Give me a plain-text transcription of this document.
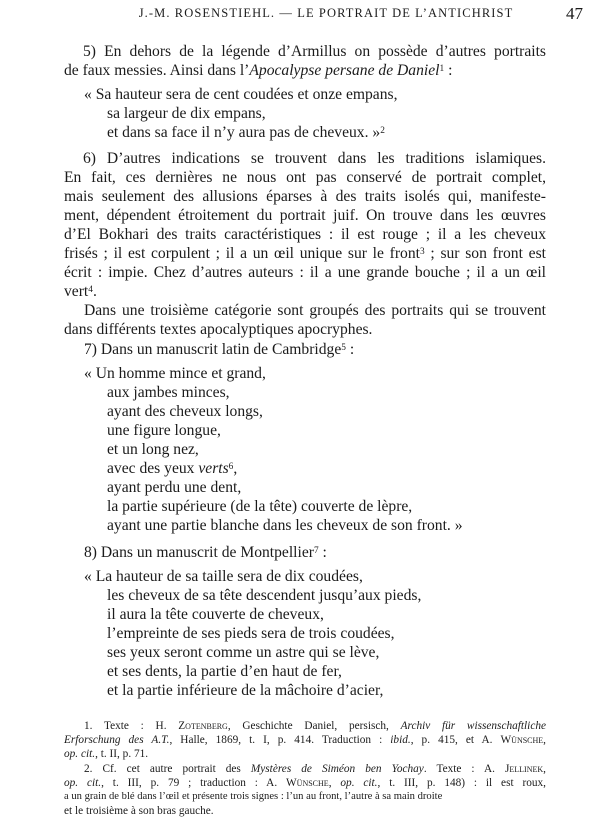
J.-M. ROSENSTIEHL. — LE PORTRAIT DE L’ANTICHRIST	47
5) En dehors de la légende d’Armillus on possède d’autres portraits
de faux messies. Ainsi dans l’Apocalypse persane de Daniel$^1$ :
« Sa hauteur sera de cent coudées et onze empans,
sa largeur de dix empans,
et dans sa face il n’y aura pas de cheveux. »$^2$
6) D’autres indications se trouvent dans les traditions islamiques.
En fait, ces dernières ne nous ont pas conservé de portrait complet,
mais seulement des allusions éparses à des traits isolés qui, manifeste-
ment, dépendent étroitement du portrait juif. On trouve dans les œuvres
d’El Bokhari des traits caractéristiques : il est rouge ; il a les cheveux
frisés ; il est corpulent ; il a un œil unique sur le front$^3$ ; sur son front est
écrit : impie. Chez d’autres auteurs : il a une grande bouche ; il a un œil
vert$^4$.
Dans une troisième catégorie sont groupés des portraits qui se trouvent
dans différents textes apocalyptiques apocryphes.
7) Dans un manuscrit latin de Cambridge$^5$ :
« Un homme mince et grand,
aux jambes minces,
ayant des cheveux longs,
une figure longue,
et un long nez,
avec des yeux verts$^6$,
ayant perdu une dent,
la partie supérieure (de la tête) couverte de lèpre,
ayant une partie blanche dans les cheveux de son front. »
8) Dans un manuscrit de Montpellier$^7$ :
« La hauteur de sa taille sera de dix coudées,
les cheveux de sa tête descendent jusqu’aux pieds,
il aura la tête couverte de cheveux,
l’empreinte de ses pieds sera de trois coudées,
ses yeux seront comme un astre qui se lève,
et ses dents, la partie d’en haut de fer,
et la partie inférieure de la mâchoire d’acier,
1. Texte : H. Zotenberg, Geschichte Daniel, persisch, Archiv für wissenschaftliche
Erforschung des A.T., Halle, 1869, t. I, p. 414. Traduction : ibid., p. 415, et A. Wünsche,
op. cit., t. II, p. 71.
2. Cf. cet autre portrait des Mystères de Siméon ben Yochay. Texte : A. Jellinek,
op. cit., t. III, p. 79 ; traduction : A. Wünsche, op. cit., t. III, p. 148) : il est roux,
a un grain de blé dans l’œil et présente trois signes : l’un au front, l’autre à sa main droite
et le troisième à son bras gauche.
